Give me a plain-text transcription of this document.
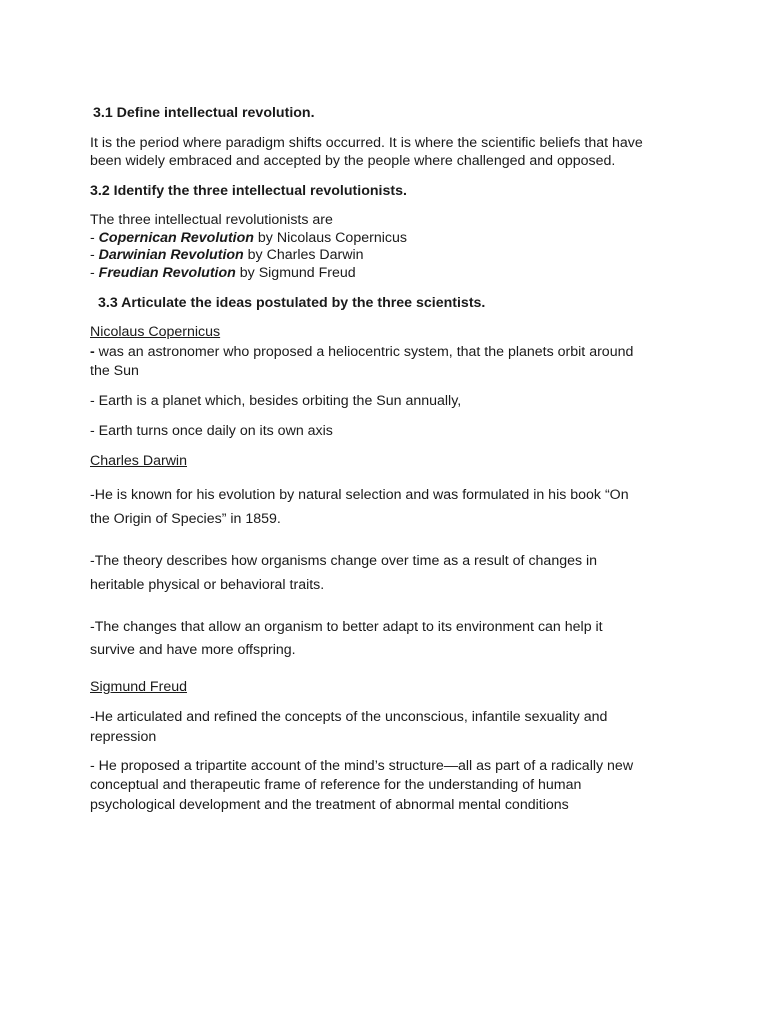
3.1 Define intellectual revolution.
It is the period where paradigm shifts occurred. It is where the scientific beliefs that have
been widely embraced and accepted by the people where challenged and opposed.
3.2 Identify the three intellectual revolutionists.
The three intellectual revolutionists are
- Copernican Revolution by Nicolaus Copernicus
- Darwinian Revolution by Charles Darwin
- Freudian Revolution by Sigmund Freud
3.3 Articulate the ideas postulated by the three scientists.
Nicolaus Copernicus
- was an astronomer who proposed a heliocentric system, that the planets orbit around
the Sun
- Earth is a planet which, besides orbiting the Sun annually,
- Earth turns once daily on its own axis
Charles Darwin
-He is known for his evolution by natural selection and was formulated in his book “On
the Origin of Species” in 1859.
-The theory describes how organisms change over time as a result of changes in
heritable physical or behavioral traits.
-The changes that allow an organism to better adapt to its environment can help it
survive and have more offspring.
Sigmund Freud
-He articulated and refined the concepts of the unconscious, infantile sexuality and
repression
- He proposed a tripartite account of the mind’s structure—all as part of a radically new
conceptual and therapeutic frame of reference for the understanding of human
psychological development and the treatment of abnormal mental conditions
